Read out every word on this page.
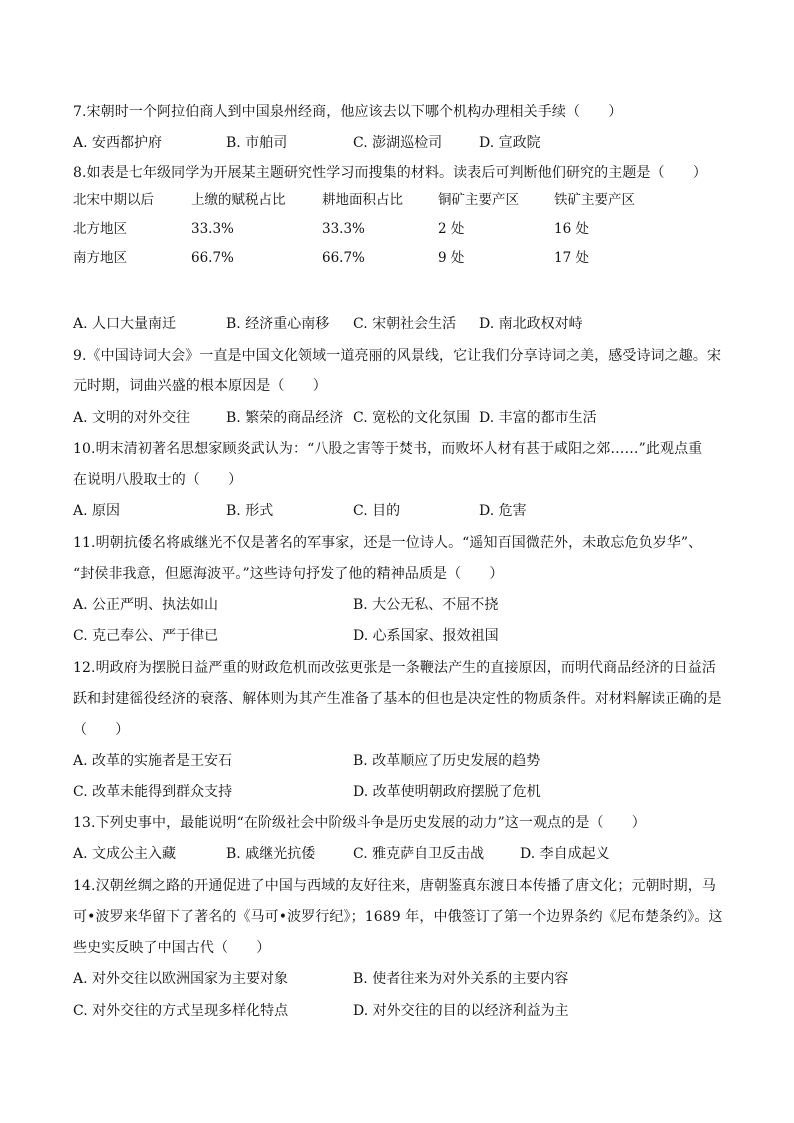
7.宋朝时一个阿拉伯商人到中国泉州经商，他应该去以下哪个机构办理相关手续（　　）
A. 安西都护府	B. 市舶司	C. 澎湖巡检司	D. 宣政院
8.如表是七年级同学为开展某主题研究性学习而搜集的材料。读表后可判断他们研究的主题是（　　）
北宋中期以后	上缴的赋税占比	耕地面积占比	铜矿主要产区	铁矿主要产区
北方地区	33.3%	33.3%	2 处	16 处
南方地区	66.7%	66.7%	9 处	17 处
A. 人口大量南迁	B. 经济重心南移 C. 宋朝社会生活 D. 南北政权对峙
9.《中国诗词大会》一直是中国文化领域一道亮丽的风景线，它让我们分享诗词之美，感受诗词之趣。宋
元时期，词曲兴盛的根本原因是（　　）
A. 文明的对外交往	B. 繁荣的商品经济 C. 宽松的文化氛围 D. 丰富的都市生活
10.明末清初著名思想家顾炎武认为：“八股之害等于焚书，而败坏人材有甚于咸阳之郊……”此观点重
在说明八股取士的（　　）
A. 原因	B. 形式	C. 目的	D. 危害
11.明朝抗倭名将戚继光不仅是著名的军事家，还是一位诗人。“遥知百国微茫外，未敢忘危负岁华”、
“封侯非我意，但愿海波平。”这些诗句抒发了他的精神品质是（　　）
A. 公正严明、执法如山	B. 大公无私、不屈不挠
C. 克己奉公、严于律已	D. 心系国家、报效祖国
12.明政府为摆脱日益严重的财政危机而改弦更张是一条鞭法产生的直接原因，而明代商品经济的日益活
跃和封建徭役经济的衰落、解体则为其产生准备了基本的但也是决定性的物质条件。对材料解读正确的是
（　　）
A. 改革的实施者是王安石	B. 改革顺应了历史发展的趋势
C. 改革未能得到群众支持	D. 改革使明朝政府摆脱了危机
13.下列史事中，最能说明“在阶级社会中阶级斗争是历史发展的动力”这一观点的是（　　）
A. 文成公主入藏	B. 戚继光抗倭	C. 雅克萨自卫反击战	D. 李自成起义
14.汉朝丝绸之路的开通促进了中国与西域的友好往来，唐朝鉴真东渡日本传播了唐文化；元朝时期，马
可•波罗来华留下了著名的《马可•波罗行纪》；1689 年，中俄签订了第一个边界条约《尼布楚条约》。这
些史实反映了中国古代（　　）
A. 对外交往以欧洲国家为主要对象	B. 使者往来为对外关系的主要内容
C. 对外交往的方式呈现多样化特点	D. 对外交往的目的以经济利益为主
